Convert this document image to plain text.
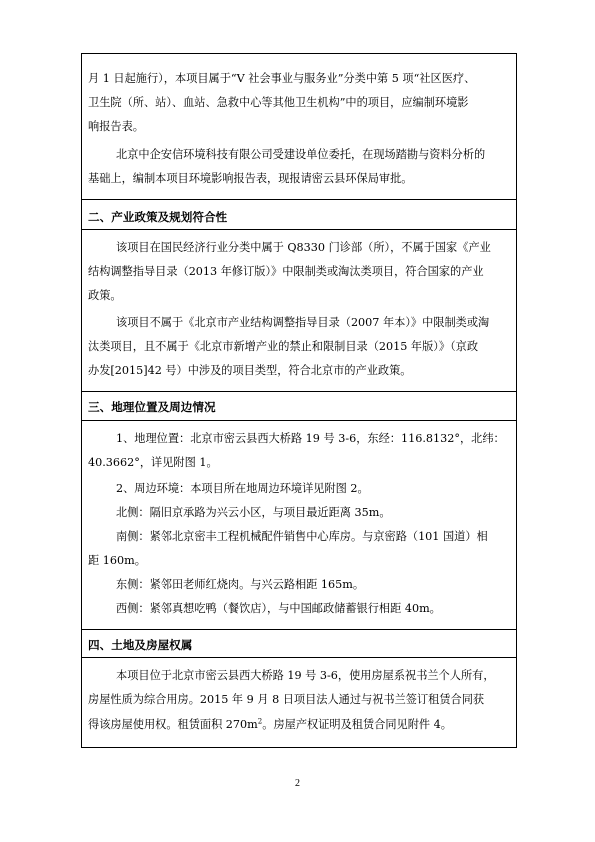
月 1 日起施行），本项目属于“V 社会事业与服务业”分类中第 5 项“社区医疗、
卫生院（所、站）、血站、急救中心等其他卫生机构”中的项目，应编制环境影
响报告表。
北京中企安信环境科技有限公司受建设单位委托，在现场踏勘与资料分析的
基础上，编制本项目环境影响报告表，现报请密云县环保局审批。
二、产业政策及规划符合性
该项目在国民经济行业分类中属于 Q8330 门诊部（所），不属于国家《产业
结构调整指导目录（2013 年修订版）》中限制类或淘汰类项目，符合国家的产业
政策。
该项目不属于《北京市产业结构调整指导目录（2007 年本）》中限制类或淘
汰类项目，且不属于《北京市新增产业的禁止和限制目录（2015 年版）》（京政
办发[2015]42 号）中涉及的项目类型，符合北京市的产业政策。
三、地理位置及周边情况
1、地理位置：北京市密云县西大桥路 19 号 3-6，东经：116.8132°，北纬：
40.3662°，详见附图 1。
2、周边环境：本项目所在地周边环境详见附图 2。
北侧：隔旧京承路为兴云小区，与项目最近距离 35m。
南侧：紧邻北京密丰工程机械配件销售中心库房。与京密路（101 国道）相
距 160m。
东侧：紧邻田老师红烧肉。与兴云路相距 165m。
西侧：紧邻真想吃鸭（餐饮店），与中国邮政储蓄银行相距 40m。
四、土地及房屋权属
本项目位于北京市密云县西大桥路 19 号 3-6，使用房屋系祝书兰个人所有，
房屋性质为综合用房。2015 年 9 月 8 日项目法人通过与祝书兰签订租赁合同获
得该房屋使用权。租赁面积 $270m^2$。房屋产权证明及租赁合同见附件 4。
2
